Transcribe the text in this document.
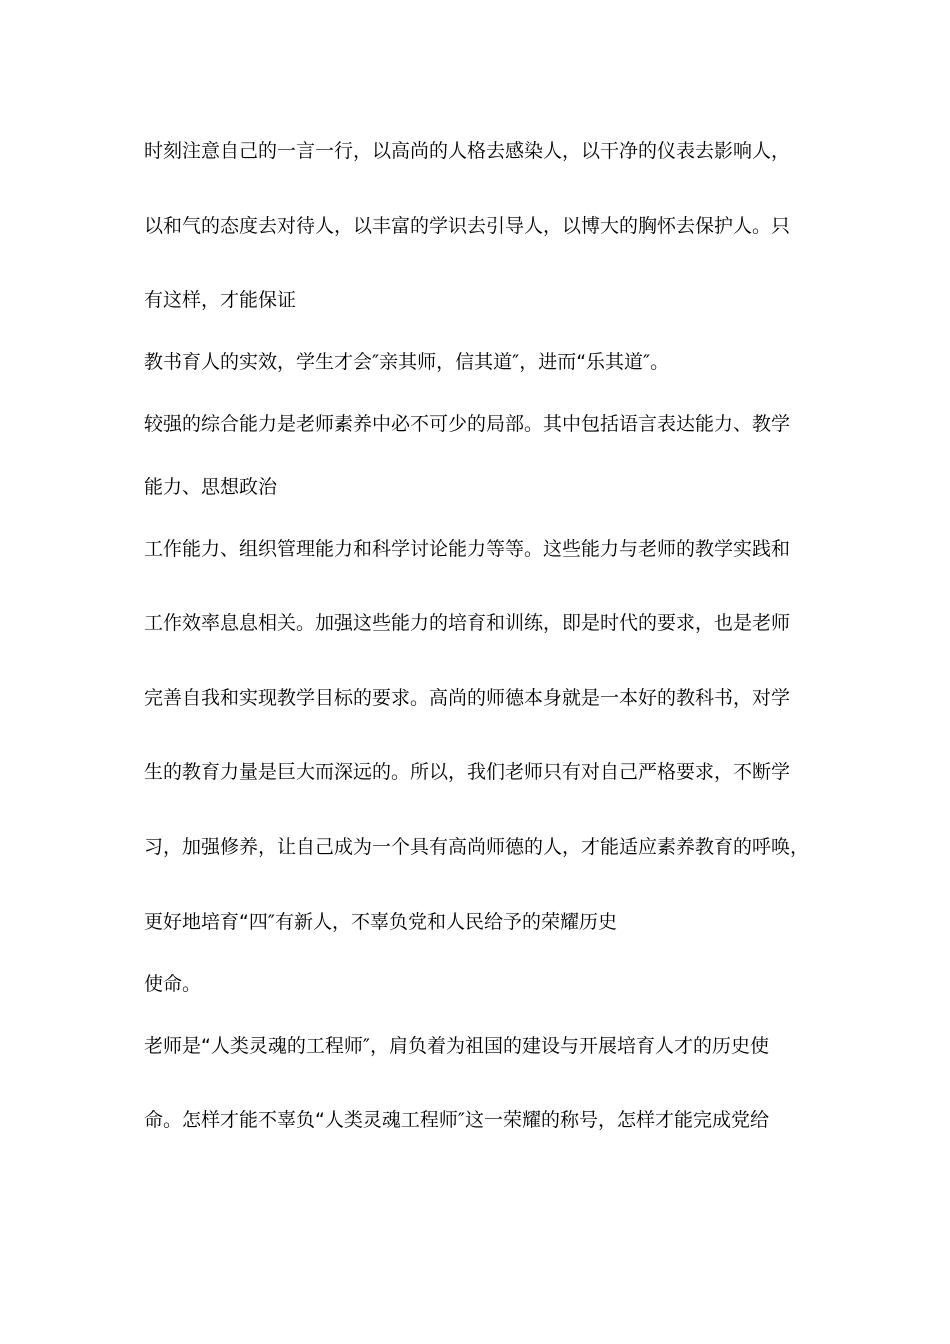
时刻注意自己的一言一行，以高尚的人格去感染人，以干净的仪表去影响人，
以和气的态度去对待人，以丰富的学识去引导人，以博大的胸怀去保护人。只
有这样，才能保证
教书育人的实效，学生才会″亲其师，信其道″，进而“乐其道″。
较强的综合能力是老师素养中必不可少的局部。其中包括语言表达能力、教学
能力、思想政治
工作能力、组织管理能力和科学讨论能力等等。这些能力与老师的教学实践和
工作效率息息相关。加强这些能力的培育和训练，即是时代的要求，也是老师
完善自我和实现教学目标的要求。高尚的师德本身就是一本好的教科书，对学
生的教育力量是巨大而深远的。所以，我们老师只有对自己严格要求，不断学
习，加强修养，让自己成为一个具有高尚师德的人，才能适应素养教育的呼唤，
更好地培育“四″有新人，不辜负党和人民给予的荣耀历史
使命。
老师是“人类灵魂的工程师″，肩负着为祖国的建设与开展培育人才的历史使
命。怎样才能不辜负“人类灵魂工程师″这一荣耀的称号，怎样才能完成党给
